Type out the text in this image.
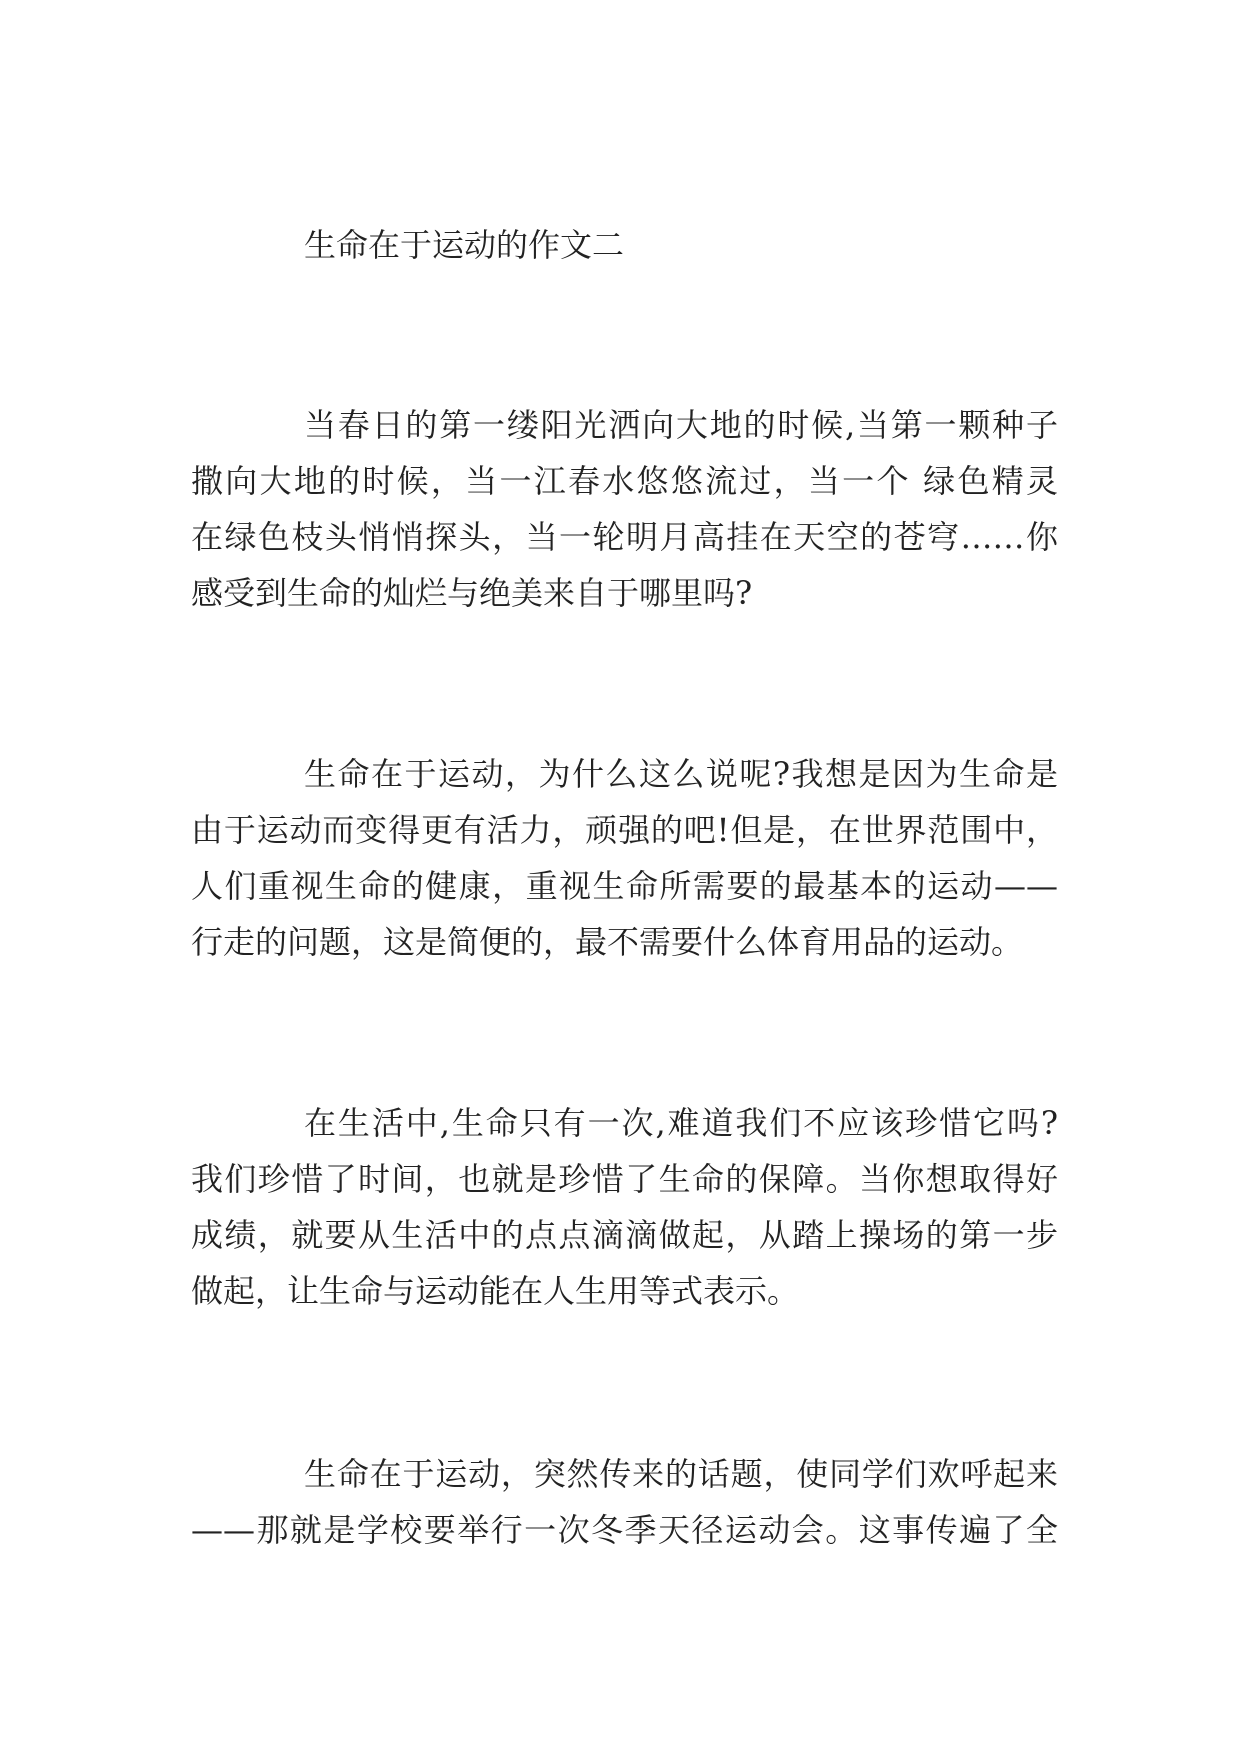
生命在于运动的作文二
当春日的第一缕阳光洒向大地的时候,当第一颗种子
撒向大地的时候，当一江春水悠悠流过，当一个 绿色精灵
在绿色枝头悄悄探头，当一轮明月高挂在天空的苍穹……你
感受到生命的灿烂与绝美来自于哪里吗?
生命在于运动，为什么这么说呢?我想是因为生命是
由于运动而变得更有活力，顽强的吧!但是，在世界范围中，
人们重视生命的健康，重视生命所需要的最基本的运动——
行走的问题，这是简便的，最不需要什么体育用品的运动。
在生活中,生命只有一次,难道我们不应该珍惜它吗?
我们珍惜了时间，也就是珍惜了生命的保障。当你想取得好
成绩，就要从生活中的点点滴滴做起，从踏上操场的第一步
做起，让生命与运动能在人生用等式表示。
生命在于运动，突然传来的话题，使同学们欢呼起来
——那就是学校要举行一次冬季天径运动会。这事传遍了全
